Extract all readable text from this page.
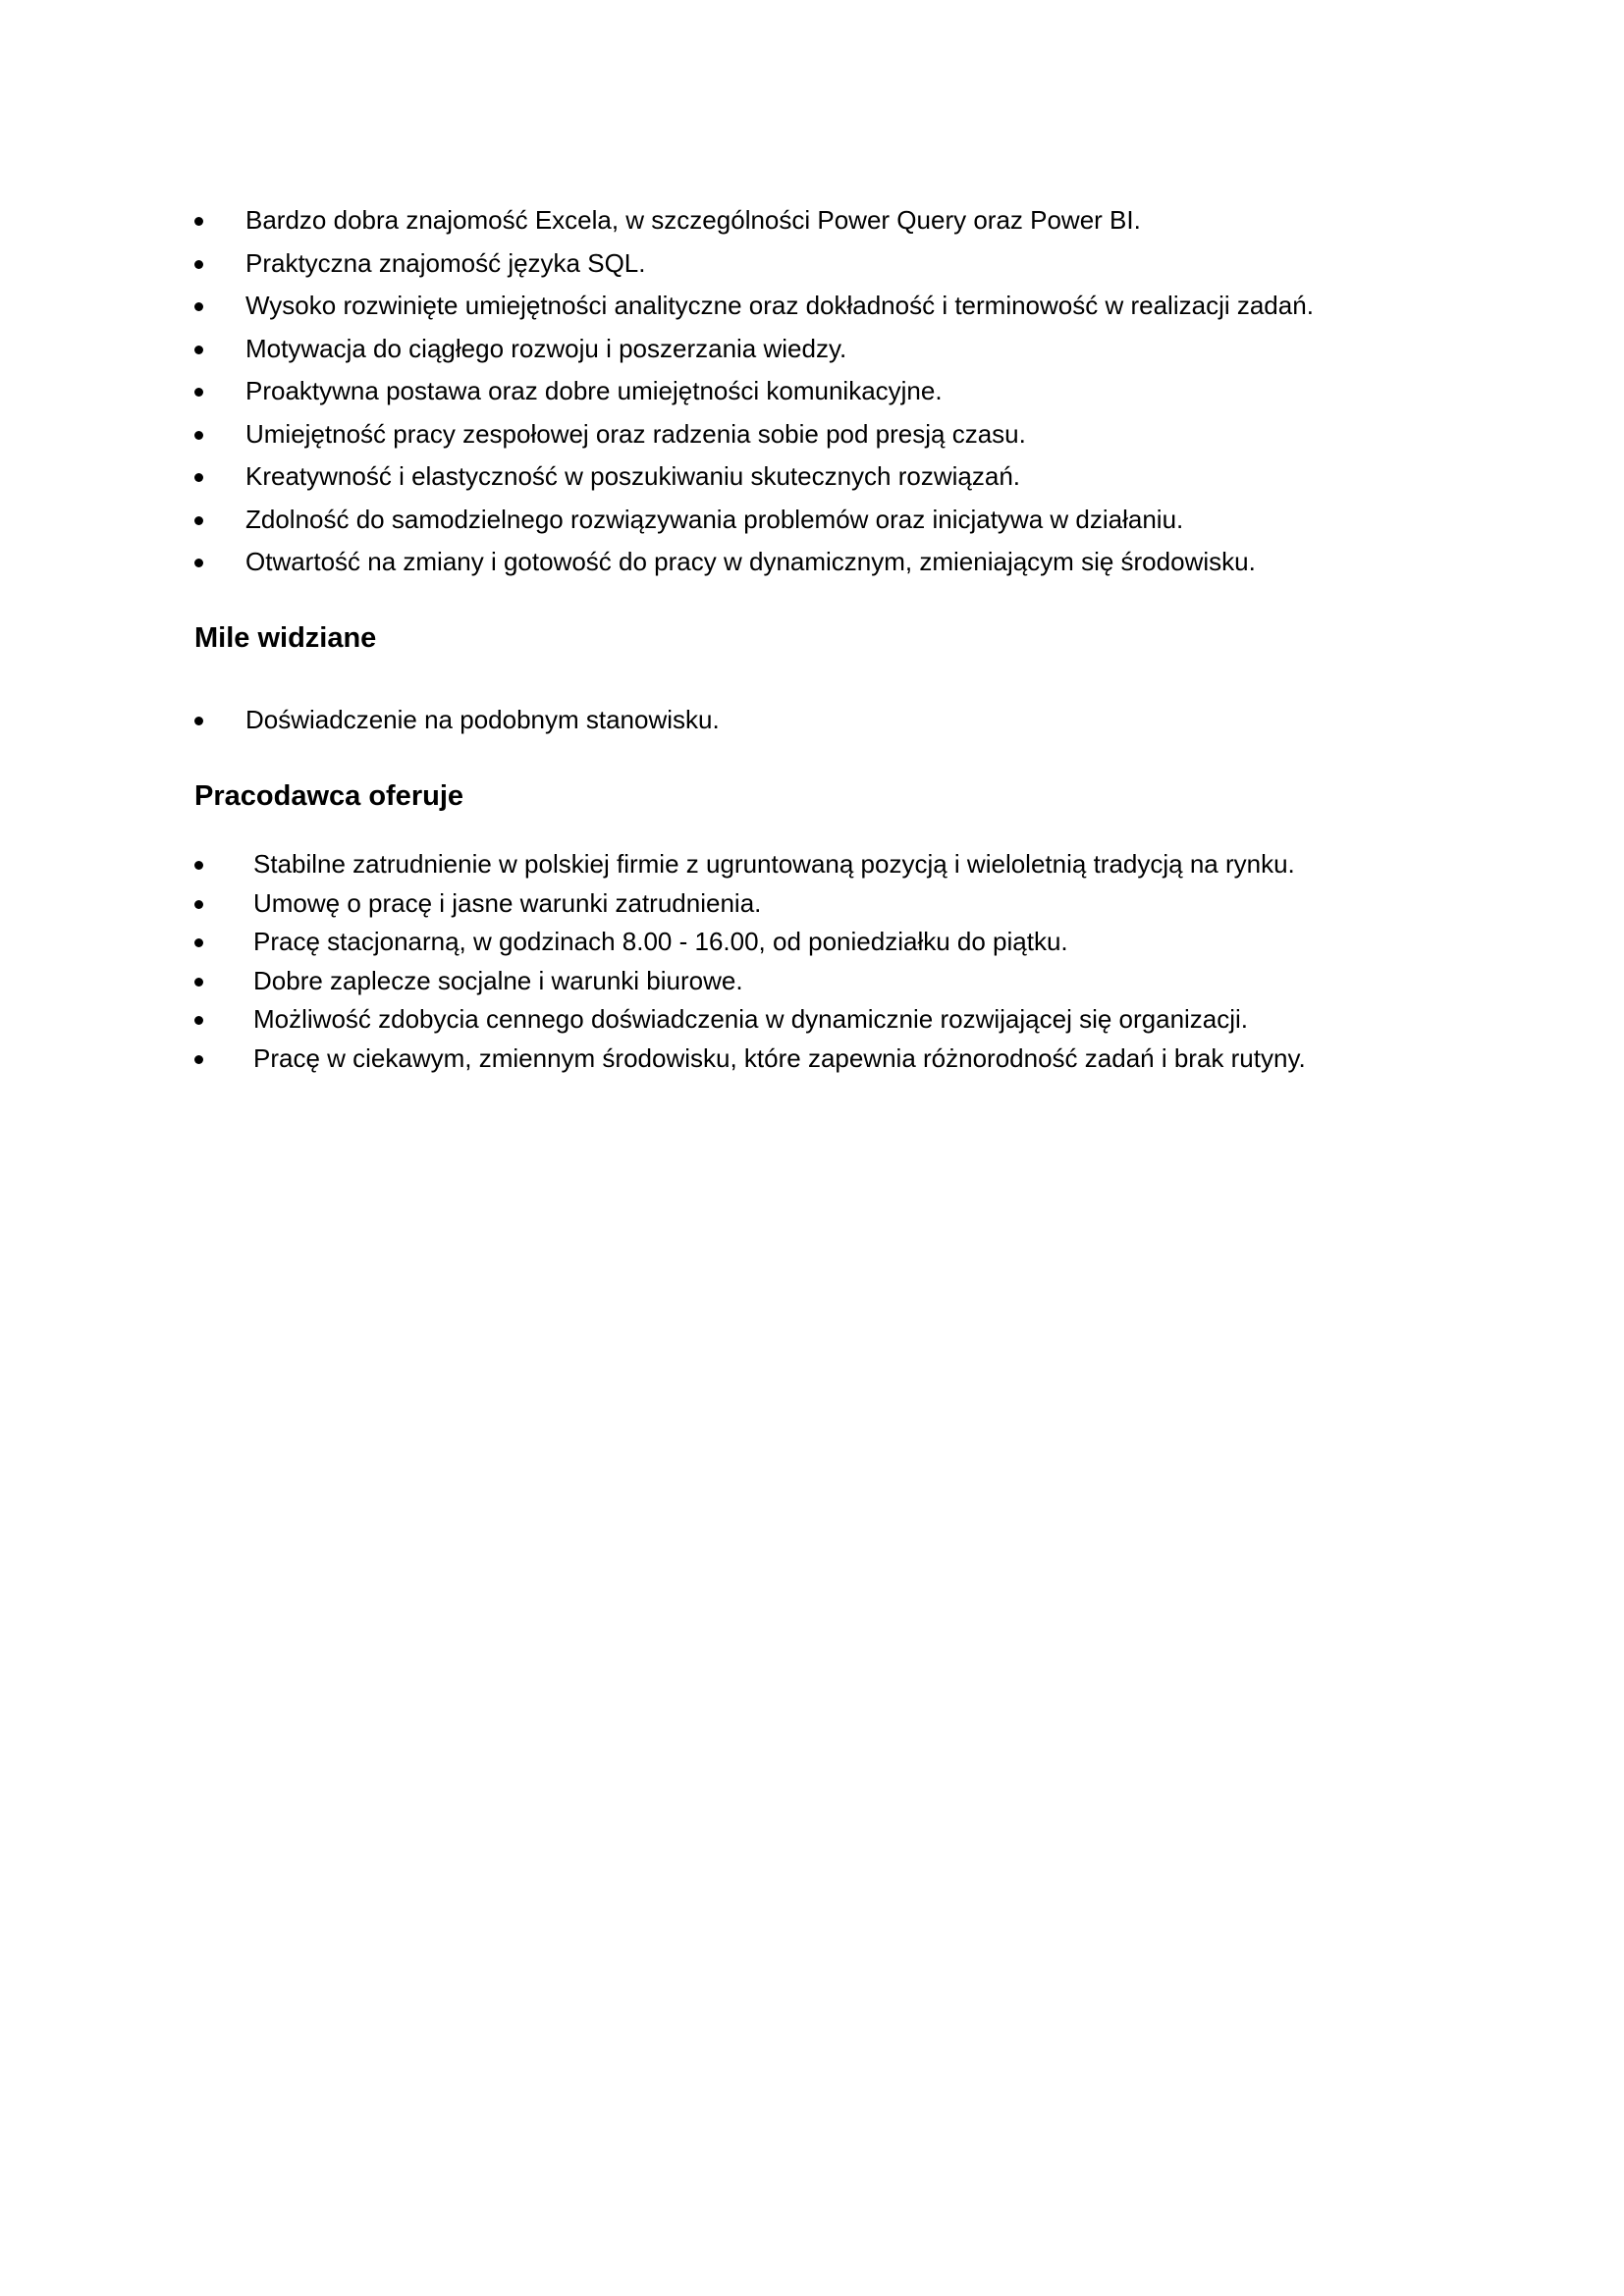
Bardzo dobra znajomość Excela, w szczególności Power Query oraz Power BI.
Praktyczna znajomość języka SQL.
Wysoko rozwinięte umiejętności analityczne oraz dokładność i terminowość w realizacji zadań.
Motywacja do ciągłego rozwoju i poszerzania wiedzy.
Proaktywna postawa oraz dobre umiejętności komunikacyjne.
Umiejętność pracy zespołowej oraz radzenia sobie pod presją czasu.
Kreatywność i elastyczność w poszukiwaniu skutecznych rozwiązań.
Zdolność do samodzielnego rozwiązywania problemów oraz inicjatywa w działaniu.
Otwartość na zmiany i gotowość do pracy w dynamicznym, zmieniającym się środowisku.
Mile widziane
Doświadczenie na podobnym stanowisku.
Pracodawca oferuje
Stabilne zatrudnienie w polskiej firmie z ugruntowaną pozycją i wieloletnią tradycją na rynku.
Umowę o pracę i jasne warunki zatrudnienia.
Pracę stacjonarną, w godzinach 8.00 - 16.00, od poniedziałku do piątku.
Dobre zaplecze socjalne i warunki biurowe.
Możliwość zdobycia cennego doświadczenia w dynamicznie rozwijającej się organizacji.
Pracę w ciekawym, zmiennym środowisku, które zapewnia różnorodność zadań i brak rutyny.
